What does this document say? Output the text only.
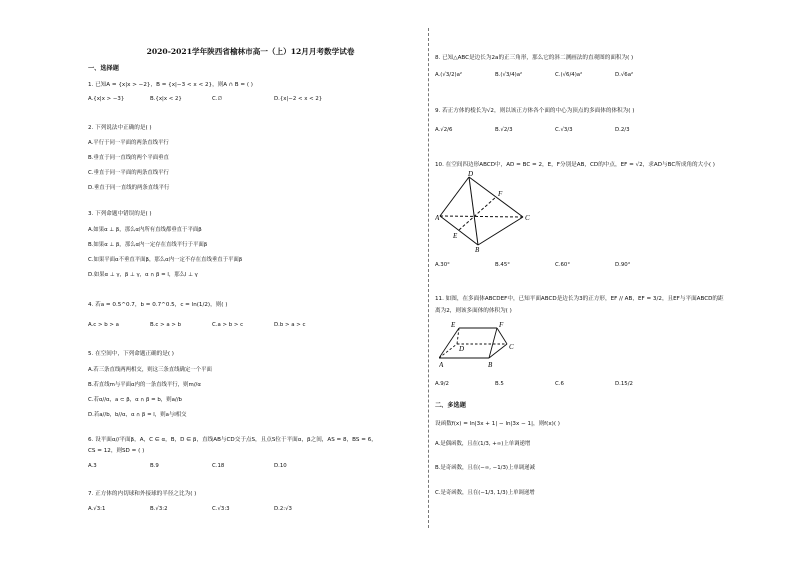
2020-2021学年陕西省榆林市高一（上）12月月考数学试卷
一、选择题
1. 已知A = {x|x > −2}，B = {x|−3 < x < 2}，则A ∩ B = ( )
A.{x|x > −3}	B.{x|x < 2}	C.∅	D.{x|−2 < x < 2}
2. 下列说法中正确的是( )
A.平行于同一平面的两条直线平行
B.垂直于同一直线的两个平面垂直
C.垂直于同一平面的两条直线平行
D.垂直于同一直线的两条直线平行
3. 下列命题中错误的是( )
A.如果α ⊥ β，那么α内所有直线都垂直于平面β
B.如果α ⊥ β，那么α内一定存在直线平行于平面β
C.如果平面α不垂直平面β，那么α内一定不存在直线垂直于平面β
D.如果α ⊥ γ，β ⊥ γ，α ∩ β = l，那么l ⊥ γ
4. 若a = 0.5^0.7，b = 0.7^0.5，c = ln(1/2)，则( )
A.c > b > a	B.c > a > b	C.a > b > c	D.b > a > c
5. 在空间中，下列命题正确的是( )
A.若三条直线两两相交，则这三条直线确定一个平面
B.若直线m与平面α内的一条直线平行，则m//α
C.若α//α，a ⊂ β，α ∩ β = b，则a//b
D.若a//b，b//α，α ∩ β = l，则a与l相交
6. 设平面α//平面β，A，C ∈ α，B，D ∈ β，直线AB与CD交于点S，且点S位于平面α，β之间，AS = 8，BS = 6，
CS = 12，则SD = ( )
A.3	B.9	C.18	D.10
7. 正方体的内切球和外接球的半径之比为( )
A.√3:1	B.√3:2	C.√3:3	D.2:√3
8. 已知△ABC是边长为2a的正三角形，那么它的斜二测画法的直观图的面积为( )
A.(√3/2)a²	B.(√3/4)a²	C.(√6/4)a²	D.√6a²
9. 若正方体的棱长为√2，则以该正方体各个面的中心为顶点的多面体的体积为( )
A.√2/6	B.√2/3	C.√3/3	D.2/3
10. 在空间四边形ABCD中，AD = BC = 2，E，F分别是AB，CD的中点，EF = √2，求AD与BC所成角的大小( )
D
F
A
E
B
C
A.30°	B.45°	C.60°	D.90°
11. 如图，在多面体ABCDEF中，已知平面ABCD是边长为3的正方形，EF // AB，EF = 3/2，且EF与平面ABCD的距
离为2，则该多面体的体积为( )
E	F
D	C
A	B
A.9/2	B.5	C.6	D.15/2
二、多选题
设函数f(x) = ln|3x + 1| − ln|3x − 1|，则f(x)( )
A.是偶函数，且在(1/3, +∞)上单调递增
B.是奇函数，且在(−∞, −1/3)上单调递减
C.是奇函数，且在(−1/3, 1/3)上单调递增
